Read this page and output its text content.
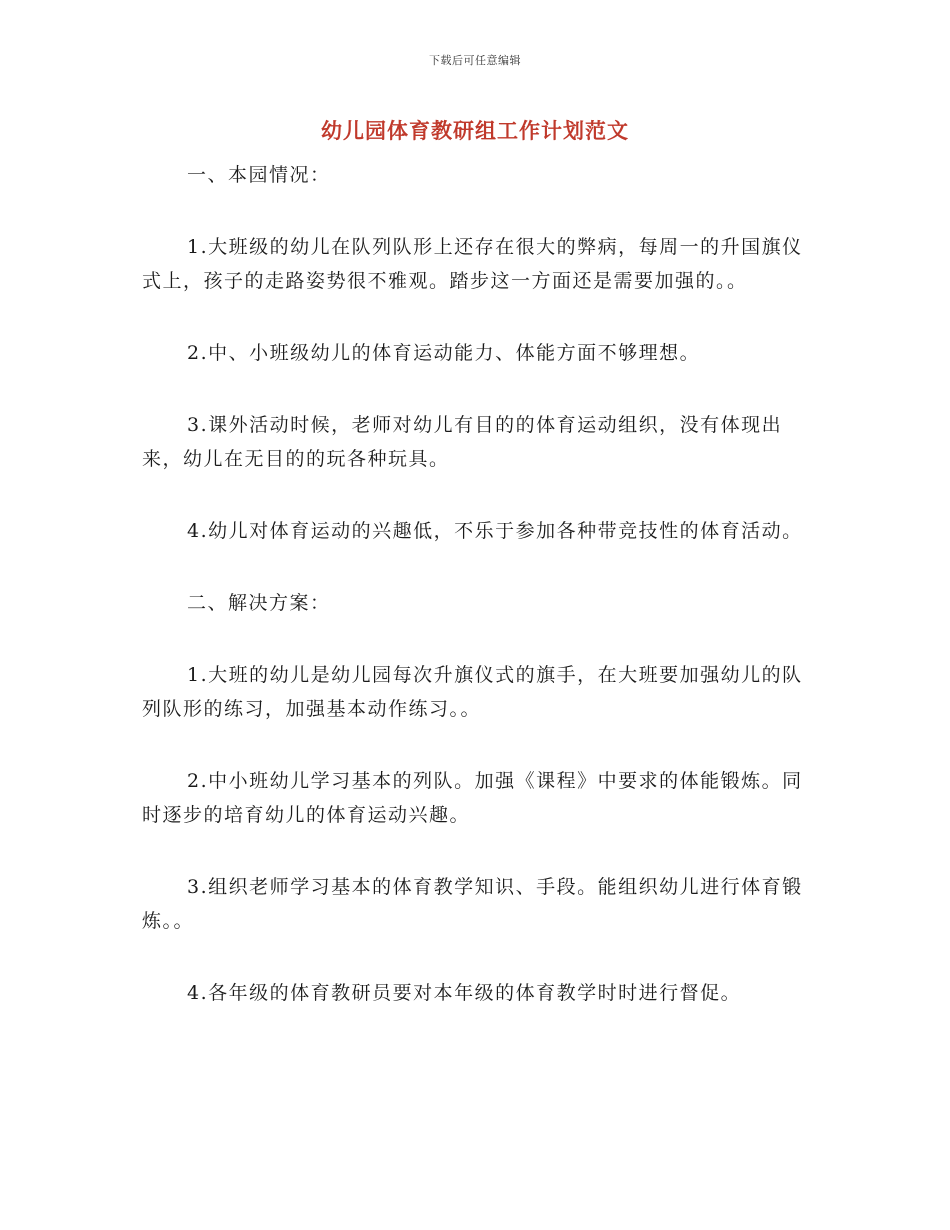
下载后可任意编辑
幼儿园体育教研组工作计划范文

一、本园情况：

1.大班级的幼儿在队列队形上还存在很大的弊病，每周一的升国旗仪式上，孩子的走路姿势很不雅观。踏步这一方面还是需要加强的。。

2.中、小班级幼儿的体育运动能力、体能方面不够理想。

3.课外活动时候，老师对幼儿有目的的体育运动组织，没有体现出来，幼儿在无目的的玩各种玩具。

4.幼儿对体育运动的兴趣低，不乐于参加各种带竞技性的体育活动。

二、解决方案：

1.大班的幼儿是幼儿园每次升旗仪式的旗手，在大班要加强幼儿的队列队形的练习，加强基本动作练习。。

2.中小班幼儿学习基本的列队。加强《课程》中要求的体能锻炼。同时逐步的培育幼儿的体育运动兴趣。

3.组织老师学习基本的体育教学知识、手段。能组织幼儿进行体育锻炼。。

4.各年级的体育教研员要对本年级的体育教学时时进行督促。
